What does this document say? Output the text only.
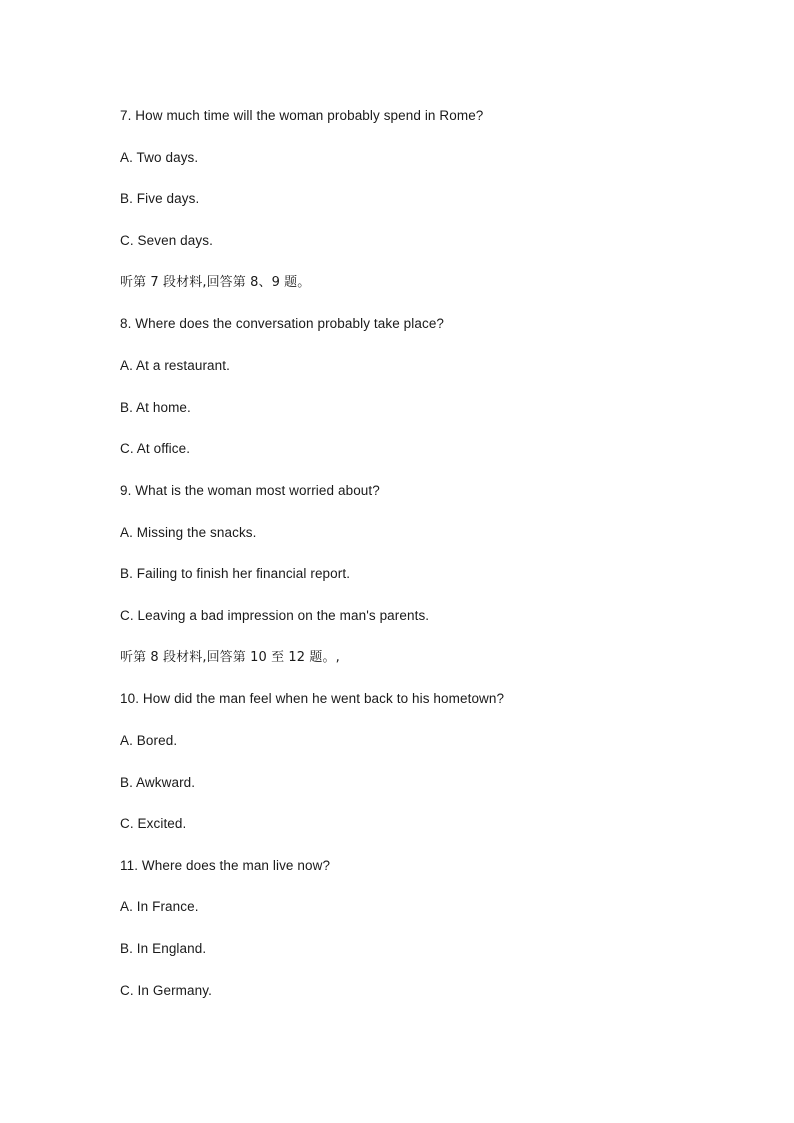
7. How much time will the woman probably spend in Rome?
A. Two days.
B. Five days.
C. Seven days.
听第 7 段材料,回答第 8、9 题。
8. Where does the conversation probably take place?
A. At a restaurant.
B. At home.
C. At office.
9. What is the woman most worried about?
A. Missing the snacks.
B. Failing to finish her financial report.
C. Leaving a bad impression on the man's parents.
听第 8 段材料,回答第 10 至 12 题。,
10. How did the man feel when he went back to his hometown?
A. Bored.
B. Awkward.
C. Excited.
11. Where does the man live now?
A. In France.
B. In England.
C. In Germany.
